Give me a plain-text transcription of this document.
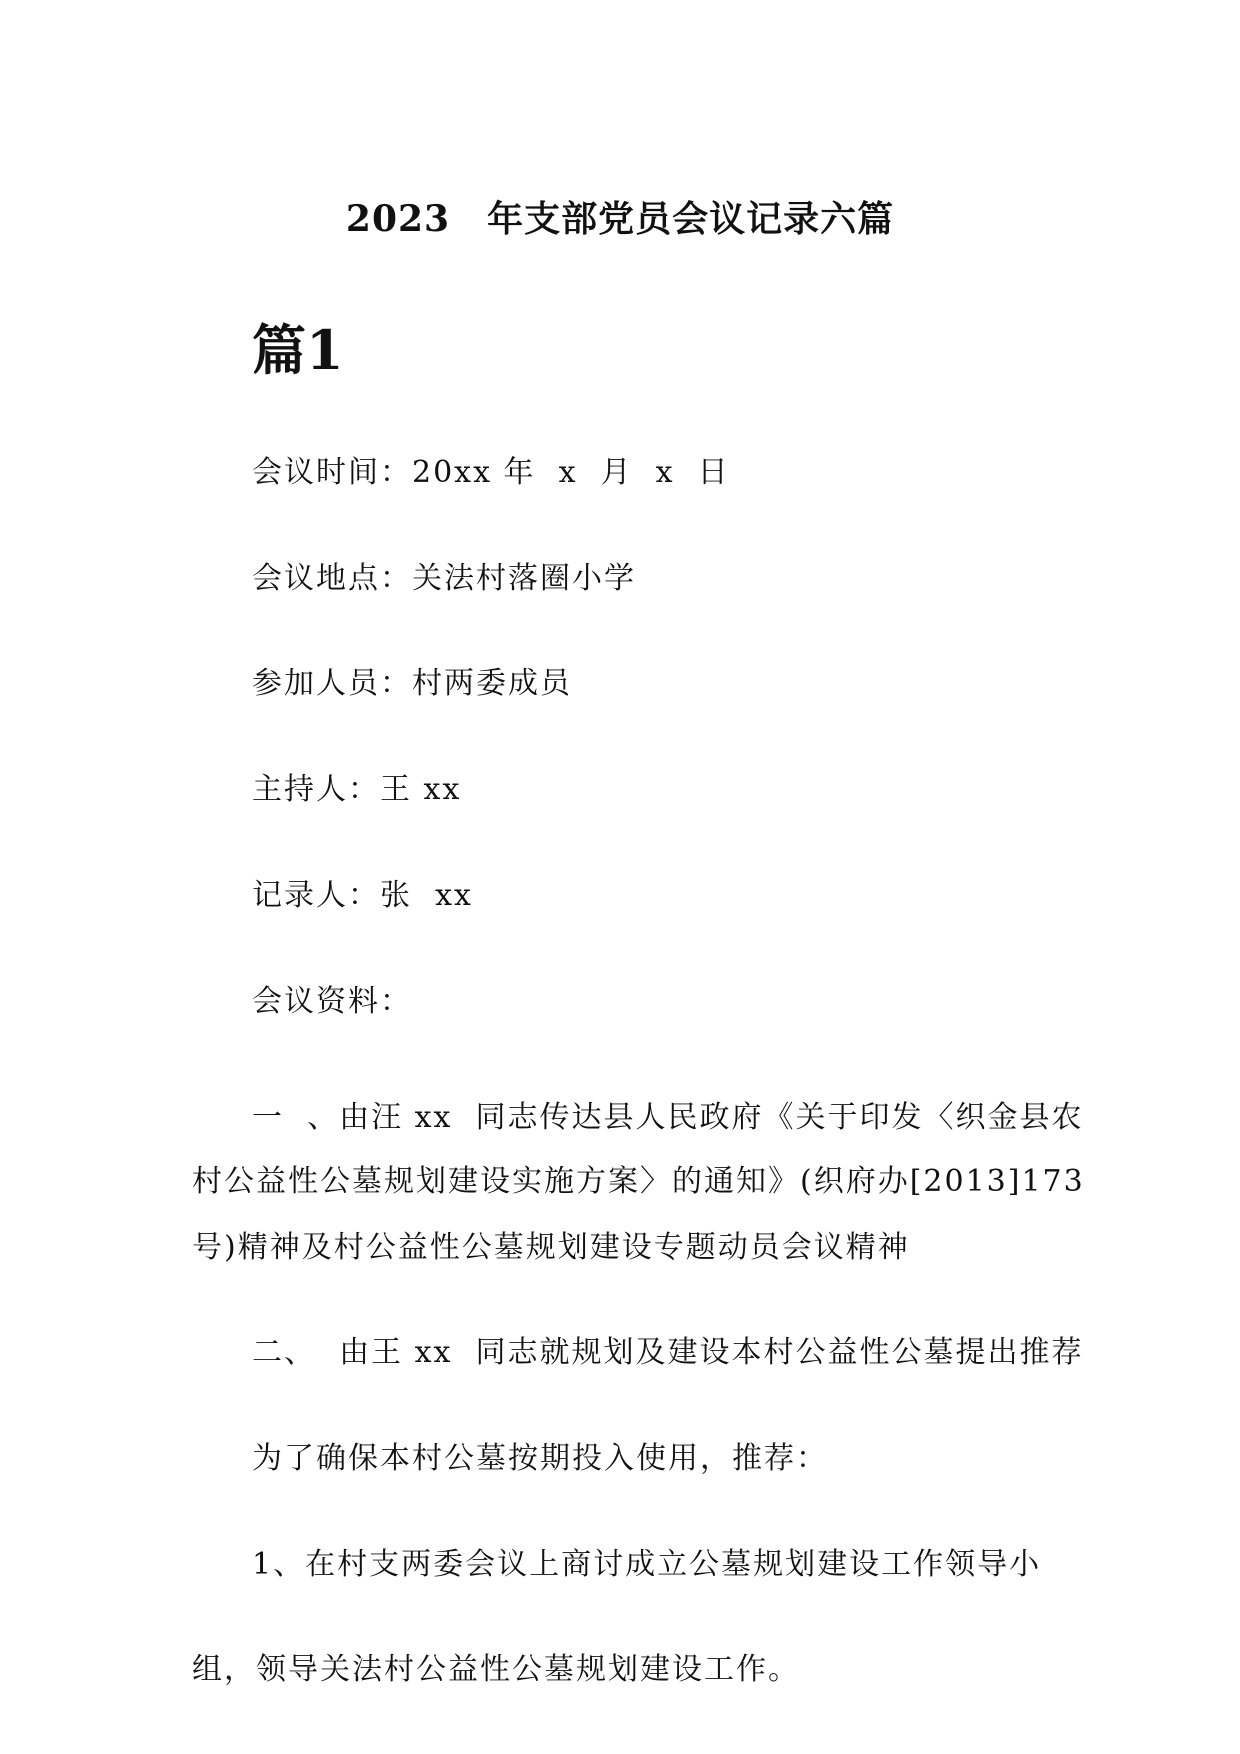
2023　年支部党员会议记录六篇
篇1
会议时间：20xx 年  x  月  x  日
会议地点：关法村落圈小学
参加人员：村两委成员
主持人：王 xx
记录人：张  xx
会议资料：
一  、由汪 xx  同志传达县人民政府《关于印发〈织金县农
村公益性公墓规划建设实施方案〉的通知》(织府办[2013]173
号)精神及村公益性公墓规划建设专题动员会议精神
二、  由王 xx  同志就规划及建设本村公益性公墓提出推荐
为了确保本村公墓按期投入使用，推荐：
1、在村支两委会议上商讨成立公墓规划建设工作领导小
组，领导关法村公益性公墓规划建设工作。
